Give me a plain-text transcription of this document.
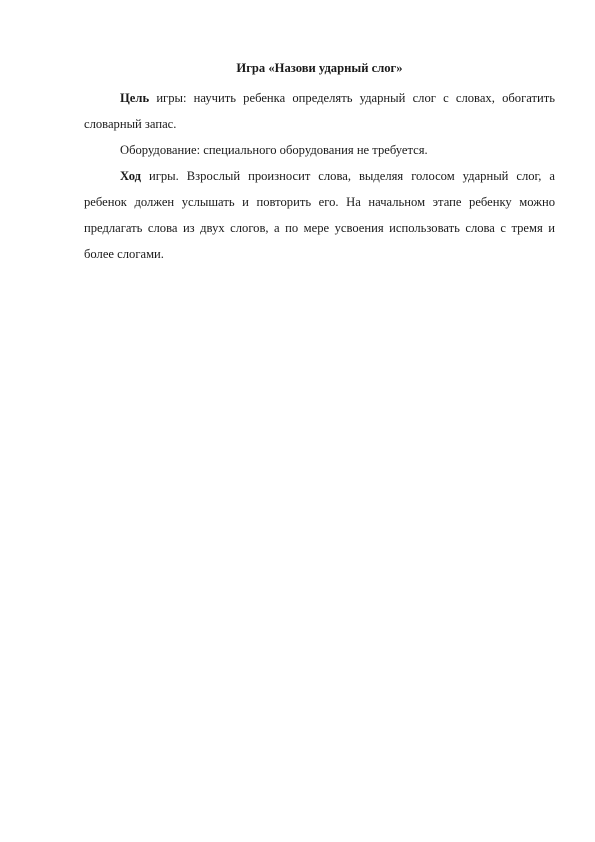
Игра «Назови ударный слог»

Цель игры: научить ребенка определять ударный слог с словах, обогатить словарный запас.

Оборудование: специального оборудования не требуется.

Ход игры. Взрослый произносит слова, выделяя голосом ударный слог, а ребенок должен услышать и повторить его. На начальном этапе ребенку можно предлагать слова из двух слогов, а по мере усвоения использовать слова с тремя и более слогами.
